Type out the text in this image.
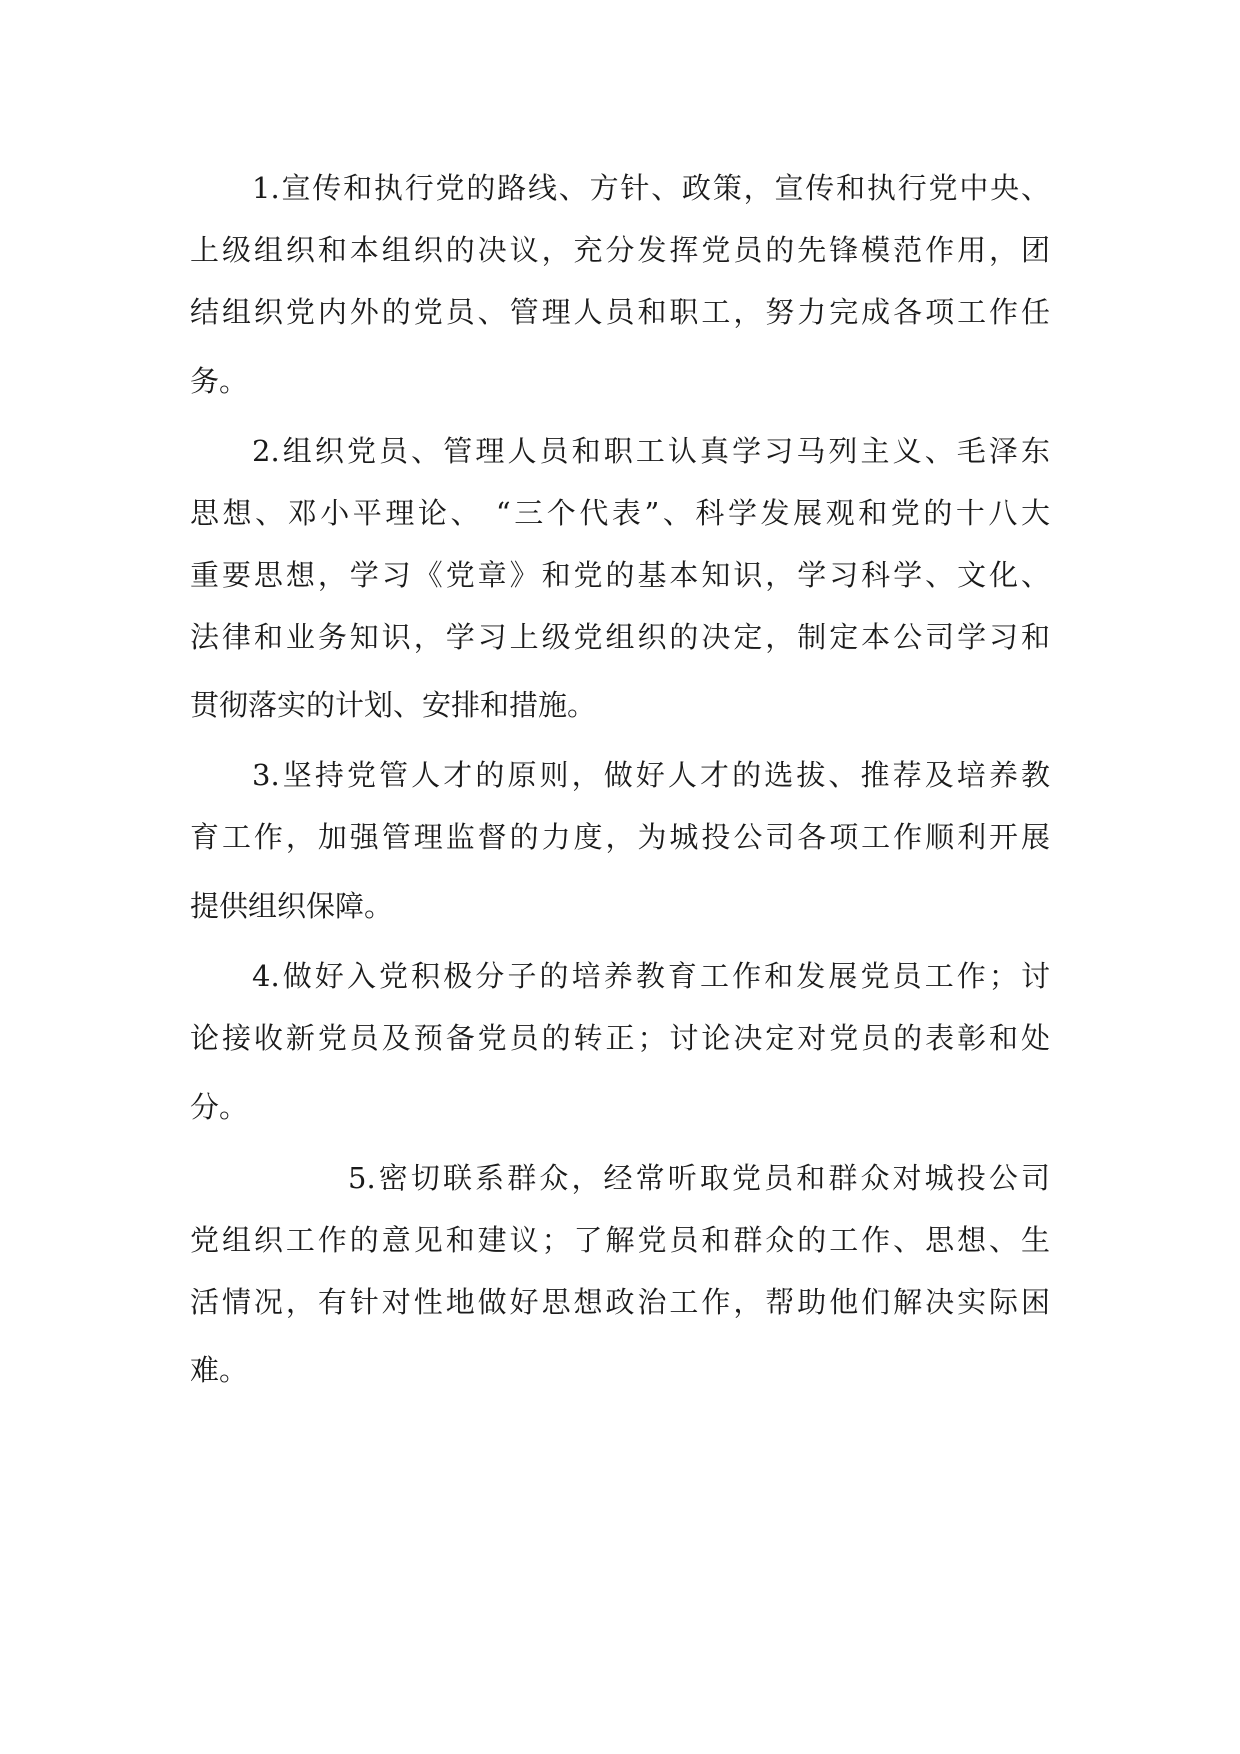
1.宣传和执行党的路线、方针、政策，宣传和执行党中央、

上级组织和本组织的决议，充分发挥党员的先锋模范作用，团

结组织党内外的党员、管理人员和职工，努力完成各项工作任

务。

2.组织党员、管理人员和职工认真学习马列主义、毛泽东

思想、邓小平理论、 “三个代表”、科学发展观和党的十八大

重要思想，学习《党章》和党的基本知识，学习科学、文化、

法律和业务知识，学习上级党组织的决定，制定本公司学习和

贯彻落实的计划、安排和措施。

3.坚持党管人才的原则，做好人才的选拔、推荐及培养教

育工作，加强管理监督的力度，为城投公司各项工作顺利开展

提供组织保障。

4.做好入党积极分子的培养教育工作和发展党员工作；讨

论接收新党员及预备党员的转正；讨论决定对党员的表彰和处

分。

5.密切联系群众，经常听取党员和群众对城投公司

党组织工作的意见和建议；了解党员和群众的工作、思想、生

活情况，有针对性地做好思想政治工作，帮助他们解决实际困

难。
